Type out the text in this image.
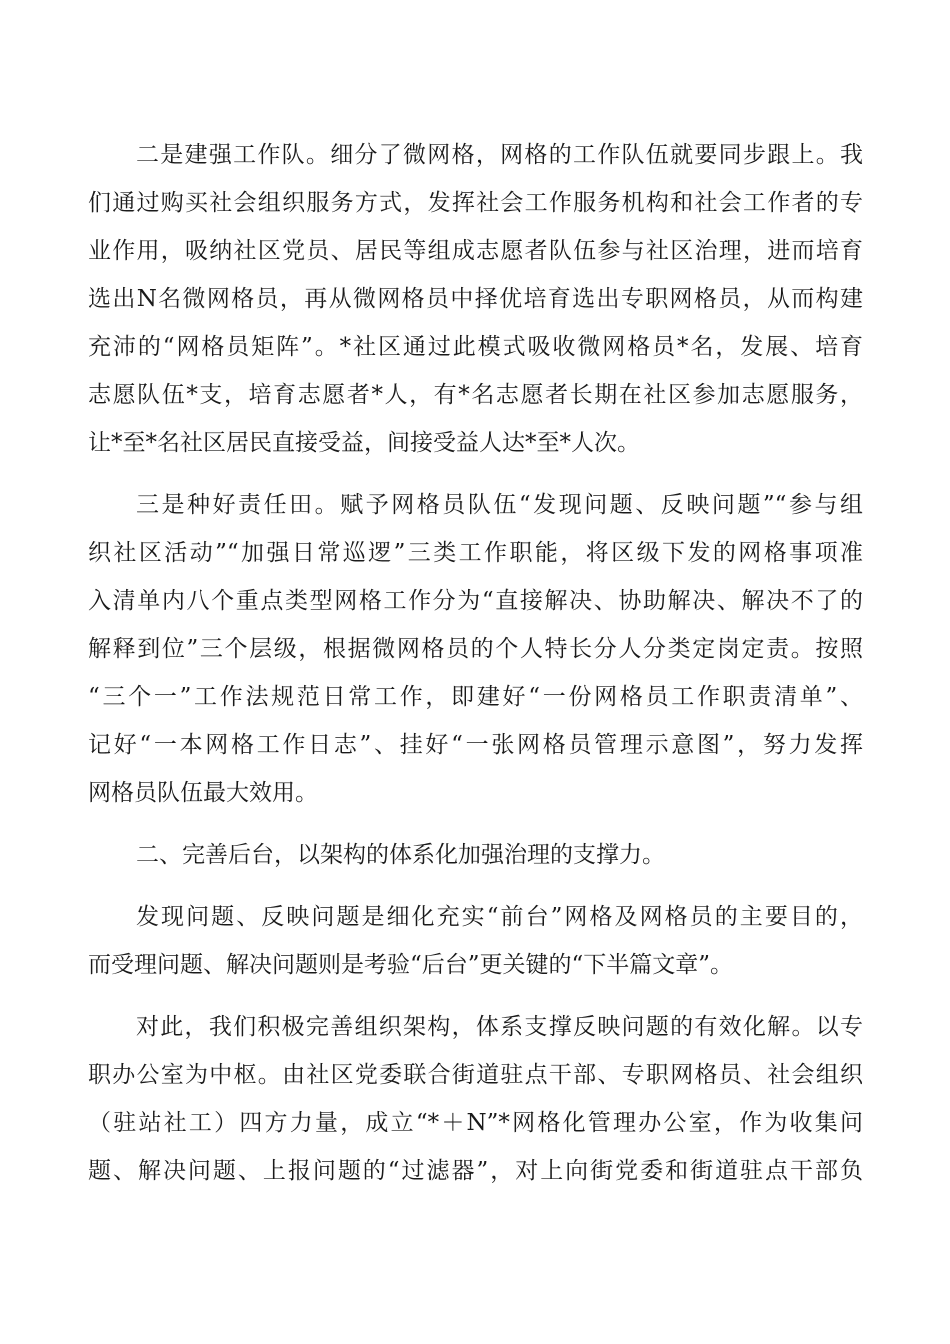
二是建强工作队。细分了微网格，网格的工作队伍就要同步跟上。我
们通过购买社会组织服务方式，发挥社会工作服务机构和社会工作者的专
业作用，吸纳社区党员、居民等组成志愿者队伍参与社区治理，进而培育
选出N名微网格员，再从微网格员中择优培育选出专职网格员，从而构建
充沛的“网格员矩阵”。*社区通过此模式吸收微网格员*名，发展、培育
志愿队伍*支，培育志愿者*人，有*名志愿者长期在社区参加志愿服务，
让*至*名社区居民直接受益，间接受益人达*至*人次。
三是种好责任田。赋予网格员队伍“发现问题、反映问题”“参与组
织社区活动”“加强日常巡逻”三类工作职能，将区级下发的网格事项准
入清单内八个重点类型网格工作分为“直接解决、协助解决、解决不了的
解释到位”三个层级，根据微网格员的个人特长分人分类定岗定责。按照
“三个一”工作法规范日常工作，即建好“一份网格员工作职责清单”、
记好“一本网格工作日志”、挂好“一张网格员管理示意图”，努力发挥
网格员队伍最大效用。
二、完善后台，以架构的体系化加强治理的支撑力。
发现问题、反映问题是细化充实“前台”网格及网格员的主要目的，
而受理问题、解决问题则是考验“后台”更关键的“下半篇文章”。
对此，我们积极完善组织架构，体系支撑反映问题的有效化解。以专
职办公室为中枢。由社区党委联合街道驻点干部、专职网格员、社会组织
（驻站社工）四方力量，成立“*＋N”*网格化管理办公室，作为收集问
题、解决问题、上报问题的“过滤器”，对上向街党委和街道驻点干部负
